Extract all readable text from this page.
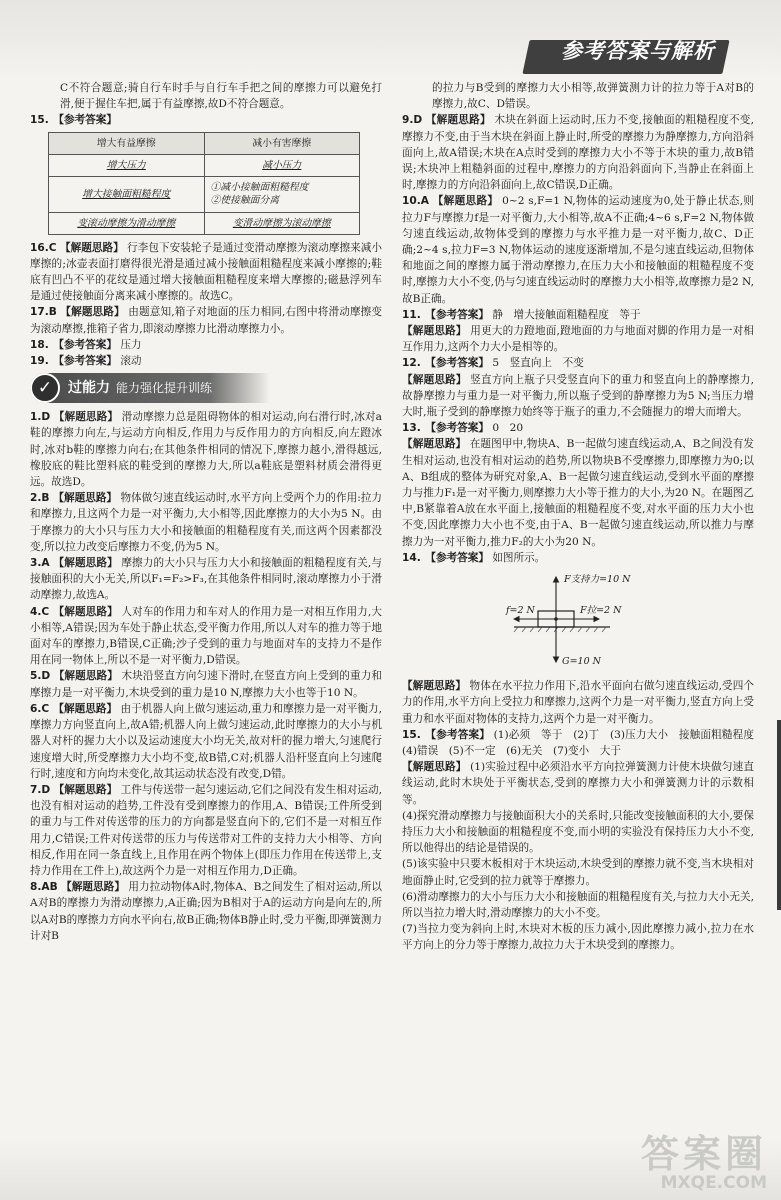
参考答案与解析
答案圈
MXQE.COM

C不符合题意;骑自行车时手与自行车手把之间的摩擦力可以避免打滑,便于握住车把,属于有益摩擦,故D不符合题意。

15. 【参考答案】

增大有益摩擦	减小有害摩擦
增大压力	减小压力
增大接触面粗糙程度	①减小接触面粗糙程度
②使接触面分离

变滚动摩擦为滑动摩擦	变滑动摩擦为滚动摩擦

16.C 【解题思路】 行李包下安装轮子是通过变滑动摩擦为滚动摩擦来减小摩擦的;冰壶表面打磨得很光滑是通过减小接触面粗糙程度来减小摩擦的;鞋底有凹凸不平的花纹是通过增大接触面粗糙程度来增大摩擦的;磁悬浮列车是通过使接触面分离来减小摩擦的。故选C。

17.B 【解题思路】 由题意知,箱子对地面的压力相同,右图中将滑动摩擦变为滚动摩擦,推箱子省力,即滚动摩擦力比滑动摩擦力小。

18. 【参考答案】 压力

19. 【参考答案】 滚动

✓	过能力 能力强化提升训练

1.D 【解题思路】 滑动摩擦力总是阻碍物体的相对运动,向右滑行时,冰对a鞋的摩擦力向左,与运动方向相反,作用力与反作用力的方向相反,向左蹬冰时,冰对b鞋的摩擦力向右;在其他条件相同的情况下,摩擦力越小,滑得越远,橡胶底的鞋比塑料底的鞋受到的摩擦力大,所以a鞋底是塑料材质会滑得更远。故选D。

2.B 【解题思路】 物体做匀速直线运动时,水平方向上受两个力的作用:拉力和摩擦力,且这两个力是一对平衡力,大小相等,因此摩擦力的大小为5 N。由于摩擦力的大小只与压力大小和接触面的粗糙程度有关,而这两个因素都没变,所以拉力改变后摩擦力不变,仍为5 N。

3.A 【解题思路】 摩擦力的大小只与压力大小和接触面的粗糙程度有关,与接触面积的大小无关,所以F₁=F₂>F₃,在其他条件相同时,滚动摩擦力小于滑动摩擦力,故选A。

4.C 【解题思路】 人对车的作用力和车对人的作用力是一对相互作用力,大小相等,A错误;因为车处于静止状态,受平衡力作用,所以人对车的推力等于地面对车的摩擦力,B错误,C正确;沙子受到的重力与地面对车的支持力不是作用在同一物体上,所以不是一对平衡力,D错误。

5.D 【解题思路】 木块沿竖直方向匀速下滑时,在竖直方向上受到的重力和摩擦力是一对平衡力,木块受到的重力是10 N,摩擦力大小也等于10 N。

6.C 【解题思路】 由于机器人向上做匀速运动,重力和摩擦力是一对平衡力,摩擦力方向竖直向上,故A错;机器人向上做匀速运动,此时摩擦力的大小与机器人对杆的握力大小以及运动速度大小均无关,故对杆的握力增大,匀速爬行速度增大时,所受摩擦力大小均不变,故B错,C对;机器人沿杆竖直向上匀速爬行时,速度和方向均未变化,故其运动状态没有改变,D错。

7.D 【解题思路】 工件与传送带一起匀速运动,它们之间没有发生相对运动,也没有相对运动的趋势,工件没有受到摩擦力的作用,A、B错误;工件所受到的重力与工件对传送带的压力的方向都是竖直向下的,它们不是一对相互作用力,C错误;工件对传送带的压力与传送带对工件的支持力大小相等、方向相反,作用在同一条直线上,且作用在两个物体上(即压力作用在传送带上,支持力作用在工件上),故这两个力是一对相互作用力,D正确。

8.AB 【解题思路】 用力拉动物体A时,物体A、B之间发生了相对运动,所以A对B的摩擦力为滑动摩擦力,A正确;因为B相对于A的运动方向是向左的,所以A对B的摩擦力方向水平向右,故B正确;物体B静止时,受力平衡,即弹簧测力计对B

的拉力与B受到的摩擦力大小相等,故弹簧测力计的拉力等于A对B的摩擦力,故C、D错误。

9.D 【解题思路】 木块在斜面上运动时,压力不变,接触面的粗糙程度不变,摩擦力不变,由于当木块在斜面上静止时,所受的摩擦力为静摩擦力,方向沿斜面向上,故A错误;木块在A点时受到的摩擦力大小不等于木块的重力,故B错误;木块冲上粗糙斜面的过程中,摩擦力的方向沿斜面向下,当静止在斜面上时,摩擦力的方向沿斜面向上,故C错误,D正确。

10.A 【解题思路】 0~2 s,F=1 N,物体的运动速度为0,处于静止状态,则拉力F与摩擦力f是一对平衡力,大小相等,故A不正确;4~6 s,F=2 N,物体做匀速直线运动,故物体受到的摩擦力与水平推力是一对平衡力,故C、D正确;2~4 s,拉力F=3 N,物体运动的速度逐渐增加,不是匀速直线运动,但物体和地面之间的摩擦力属于滑动摩擦力,在压力大小和接触面的粗糙程度不变时,摩擦力大小不变,仍与匀速直线运动时的摩擦力大小相等,故摩擦力是2 N,故B正确。

11. 【参考答案】 静　增大接触面粗糙程度　等于

【解题思路】 用更大的力蹬地面,蹬地面的力与地面对脚的作用力是一对相互作用力,这两个力大小是相等的。

12. 【参考答案】 5　竖直向上　不变

【解题思路】 竖直方向上瓶子只受竖直向下的重力和竖直向上的静摩擦力,故静摩擦力与重力是一对平衡力,所以瓶子受到的静摩擦力为5 N;当压力增大时,瓶子受到的静摩擦力始终等于瓶子的重力,不会随握力的增大而增大。

13. 【参考答案】 0　20

【解题思路】 在题图甲中,物块A、B一起做匀速直线运动,A、B之间没有发生相对运动,也没有相对运动的趋势,所以物块B不受摩擦力,即摩擦力为0;以A、B组成的整体为研究对象,A、B一起做匀速直线运动,受到水平面的摩擦力与推力F₁是一对平衡力,则摩擦力大小等于推力的大小,为20 N。在题图乙中,B紧靠着A放在水平面上,接触面的粗糙程度不变,对水平面的压力大小也不变,因此摩擦力大小也不变,由于A、B一起做匀速直线运动,所以推力与摩擦力为一对平衡力,推力F₂的大小为20 N。

14. 【参考答案】 如图所示。

F支持力=10 N
f=2 N	F拉=2 N
G=10 N

【解题思路】 物体在水平拉力作用下,沿水平面向右做匀速直线运动,受四个力的作用,水平方向上受拉力和摩擦力,这两个力是一对平衡力,竖直方向上受重力和水平面对物体的支持力,这两个力是一对平衡力。

15. 【参考答案】 (1)必须　等于　(2)丁　(3)压力大小　接触面粗糙程度　(4)错误　(5)不一定　(6)无关　(7)变小　大于

【解题思路】 (1)实验过程中必须沿水平方向拉弹簧测力计使木块做匀速直线运动,此时木块处于平衡状态,受到的摩擦力大小和弹簧测力计的示数相等。

(4)探究滑动摩擦力与接触面积大小的关系时,只能改变接触面积的大小,要保持压力大小和接触面的粗糙程度不变,而小明的实验没有保持压力大小不变,所以他得出的结论是错误的。

(5)该实验中只要木板相对于木块运动,木块受到的摩擦力就不变,当木块相对地面静止时,它受到的拉力就等于摩擦力。

(6)滑动摩擦力的大小与压力大小和接触面的粗糙程度有关,与拉力大小无关,所以当拉力增大时,滑动摩擦力的大小不变。

(7)当拉力变为斜向上时,木块对木板的压力减小,因此摩擦力减小,拉力在水平方向上的分力等于摩擦力,故拉力大于木块受到的摩擦力。
